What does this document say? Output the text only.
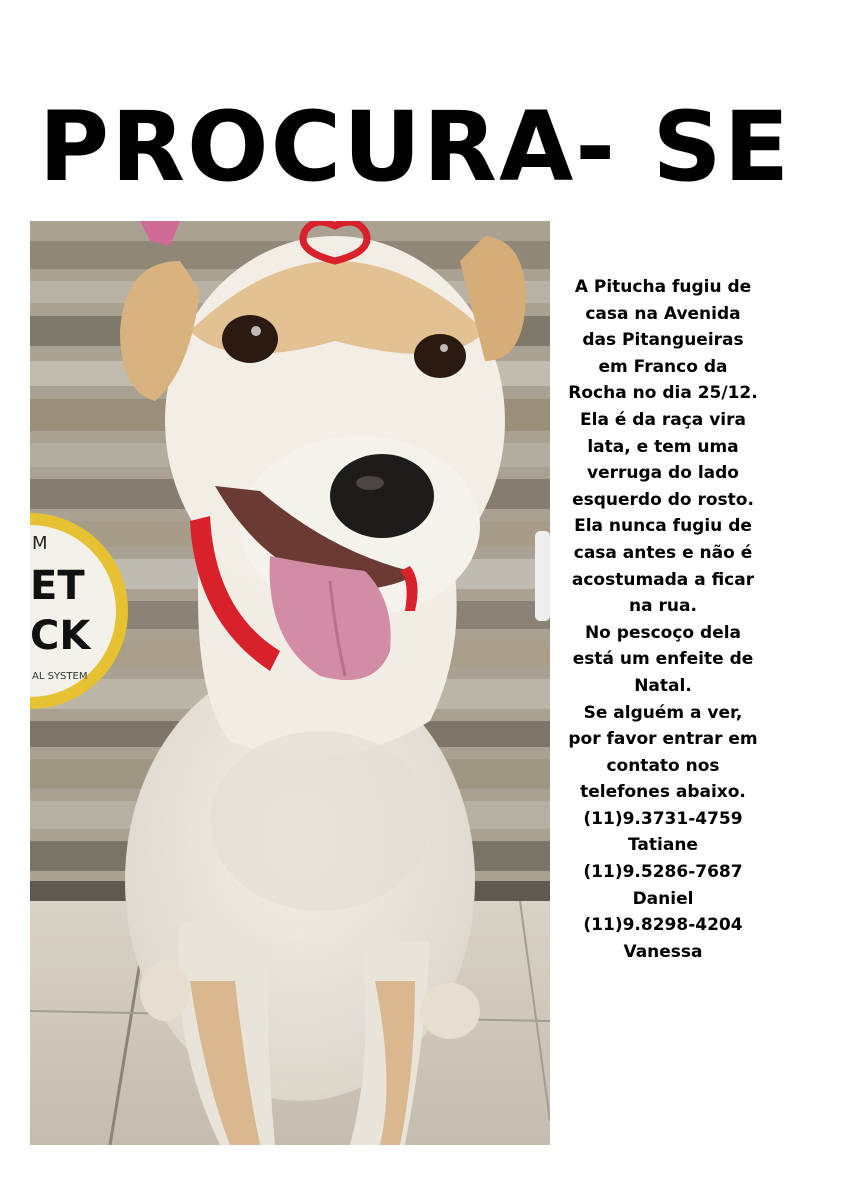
PROCURA- SE
M
ET
CK
AL SYSTEM
A Pitucha fugiu de
casa na Avenida
das Pitangueiras
em Franco da
Rocha no dia 25/12.
Ela é da raça vira
lata, e tem uma
verruga do lado
esquerdo do rosto.
Ela nunca fugiu de
casa antes e não é
acostumada a ficar
na rua.
No pescoço dela
está um enfeite de
Natal.
Se alguém a ver,
por favor entrar em
contato nos
telefones abaixo.
(11)9.3731-4759
Tatiane
(11)9.5286-7687
Daniel
(11)9.8298-4204
Vanessa
